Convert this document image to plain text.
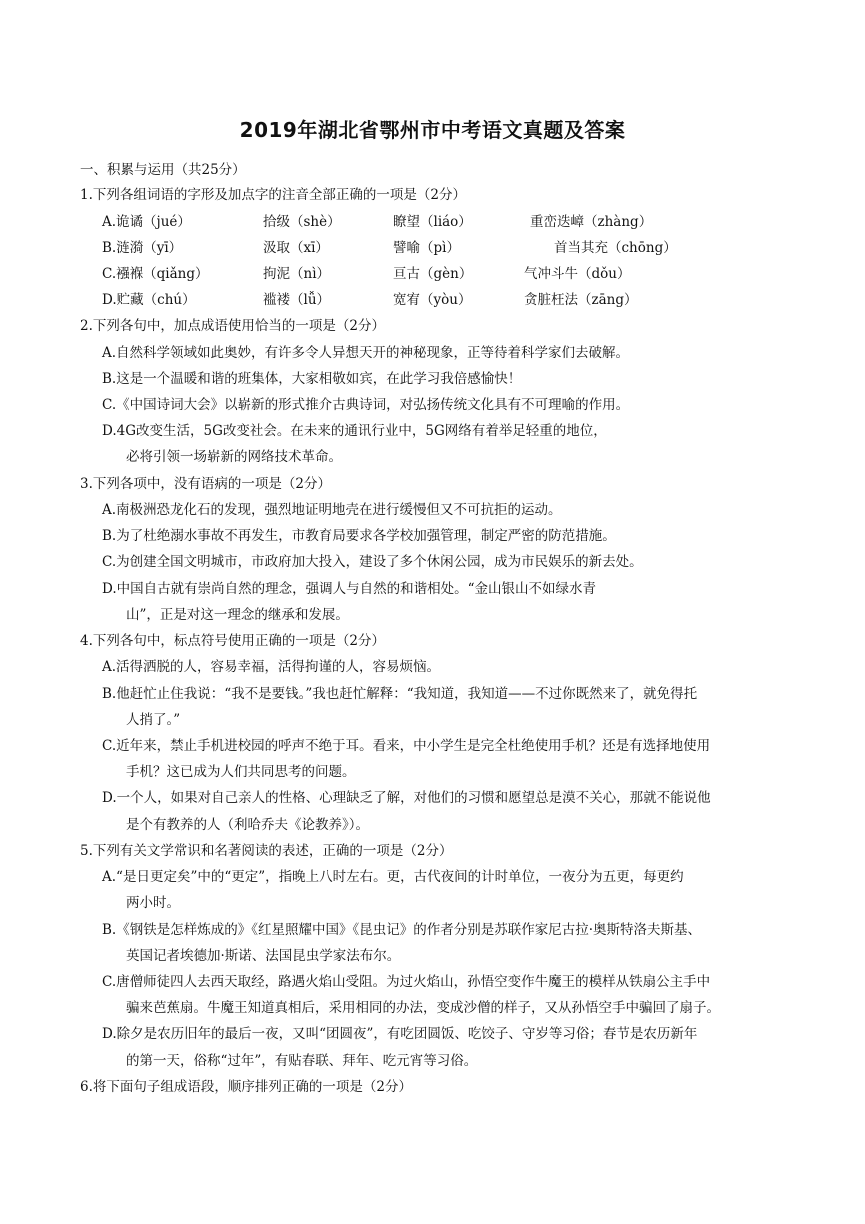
2019年湖北省鄂州市中考语文真题及答案
一、积累与运用（共25分）
1.下列各组词语的字形及加点字的注音全部正确的一项是（2分）
A.诡谲（jué）	拾级（shè）	瞭望（liáo）	重峦迭嶂（zhàng）
B.涟漪（yī）	汲取（xī）	譬喻（pì）	首当其充（chōng）
C.襁褓（qiǎng）	拘泥（nì）	亘古（gèn）	气冲斗牛（dǒu）
D.贮藏（chú）	褴褛（lǚ）	宽宥（yòu）	贪脏枉法（zāng）
2.下列各句中，加点成语使用恰当的一项是（2分）
A.自然科学领域如此奥妙，有许多令人异想天开的神秘现象，正等待着科学家们去破解。
B.这是一个温暖和谐的班集体，大家相敬如宾，在此学习我倍感愉快！
C.《中国诗词大会》以崭新的形式推介古典诗词，对弘扬传统文化具有不可理喻的作用。
D.4G改变生活，5G改变社会。在未来的通讯行业中，5G网络有着举足轻重的地位，
必将引领一场崭新的网络技术革命。
3.下列各项中，没有语病的一项是（2分）
A.南极洲恐龙化石的发现，强烈地证明地壳在进行缓慢但又不可抗拒的运动。
B.为了杜绝溺水事故不再发生，市教育局要求各学校加强管理，制定严密的防范措施。
C.为创建全国文明城市，市政府加大投入，建设了多个休闲公园，成为市民娱乐的新去处。
D.中国自古就有崇尚自然的理念，强调人与自然的和谐相处。“金山银山不如绿水青
山”，正是对这一理念的继承和发展。
4.下列各句中，标点符号使用正确的一项是（2分）
A.活得洒脱的人，容易幸福，活得拘谨的人，容易烦恼。
B.他赶忙止住我说：“我不是要钱。”我也赶忙解释：“我知道，我知道——不过你既然来了，就免得托
人捎了。”
C.近年来，禁止手机进校园的呼声不绝于耳。看来，中小学生是完全杜绝使用手机？还是有选择地使用
手机？这已成为人们共同思考的问题。
D.一个人，如果对自己亲人的性格、心理缺乏了解，对他们的习惯和愿望总是漠不关心，那就不能说他
是个有教养的人（利哈乔夫《论教养》）。
5.下列有关文学常识和名著阅读的表述，正确的一项是（2分）
A.“是日更定矣”中的“更定”，指晚上八时左右。更，古代夜间的计时单位，一夜分为五更，每更约
两小时。
B.《钢铁是怎样炼成的》《红星照耀中国》《昆虫记》的作者分别是苏联作家尼古拉·奥斯特洛夫斯基、
英国记者埃德加·斯诺、法国昆虫学家法布尔。
C.唐僧师徒四人去西天取经，路遇火焰山受阻。为过火焰山，孙悟空变作牛魔王的模样从铁扇公主手中
骗来芭蕉扇。牛魔王知道真相后，采用相同的办法，变成沙僧的样子，又从孙悟空手中骗回了扇子。
D.除夕是农历旧年的最后一夜，又叫“团圆夜”，有吃团圆饭、吃饺子、守岁等习俗；春节是农历新年
的第一天，俗称“过年”，有贴春联、拜年、吃元宵等习俗。
6.将下面句子组成语段，顺序排列正确的一项是（2分）
